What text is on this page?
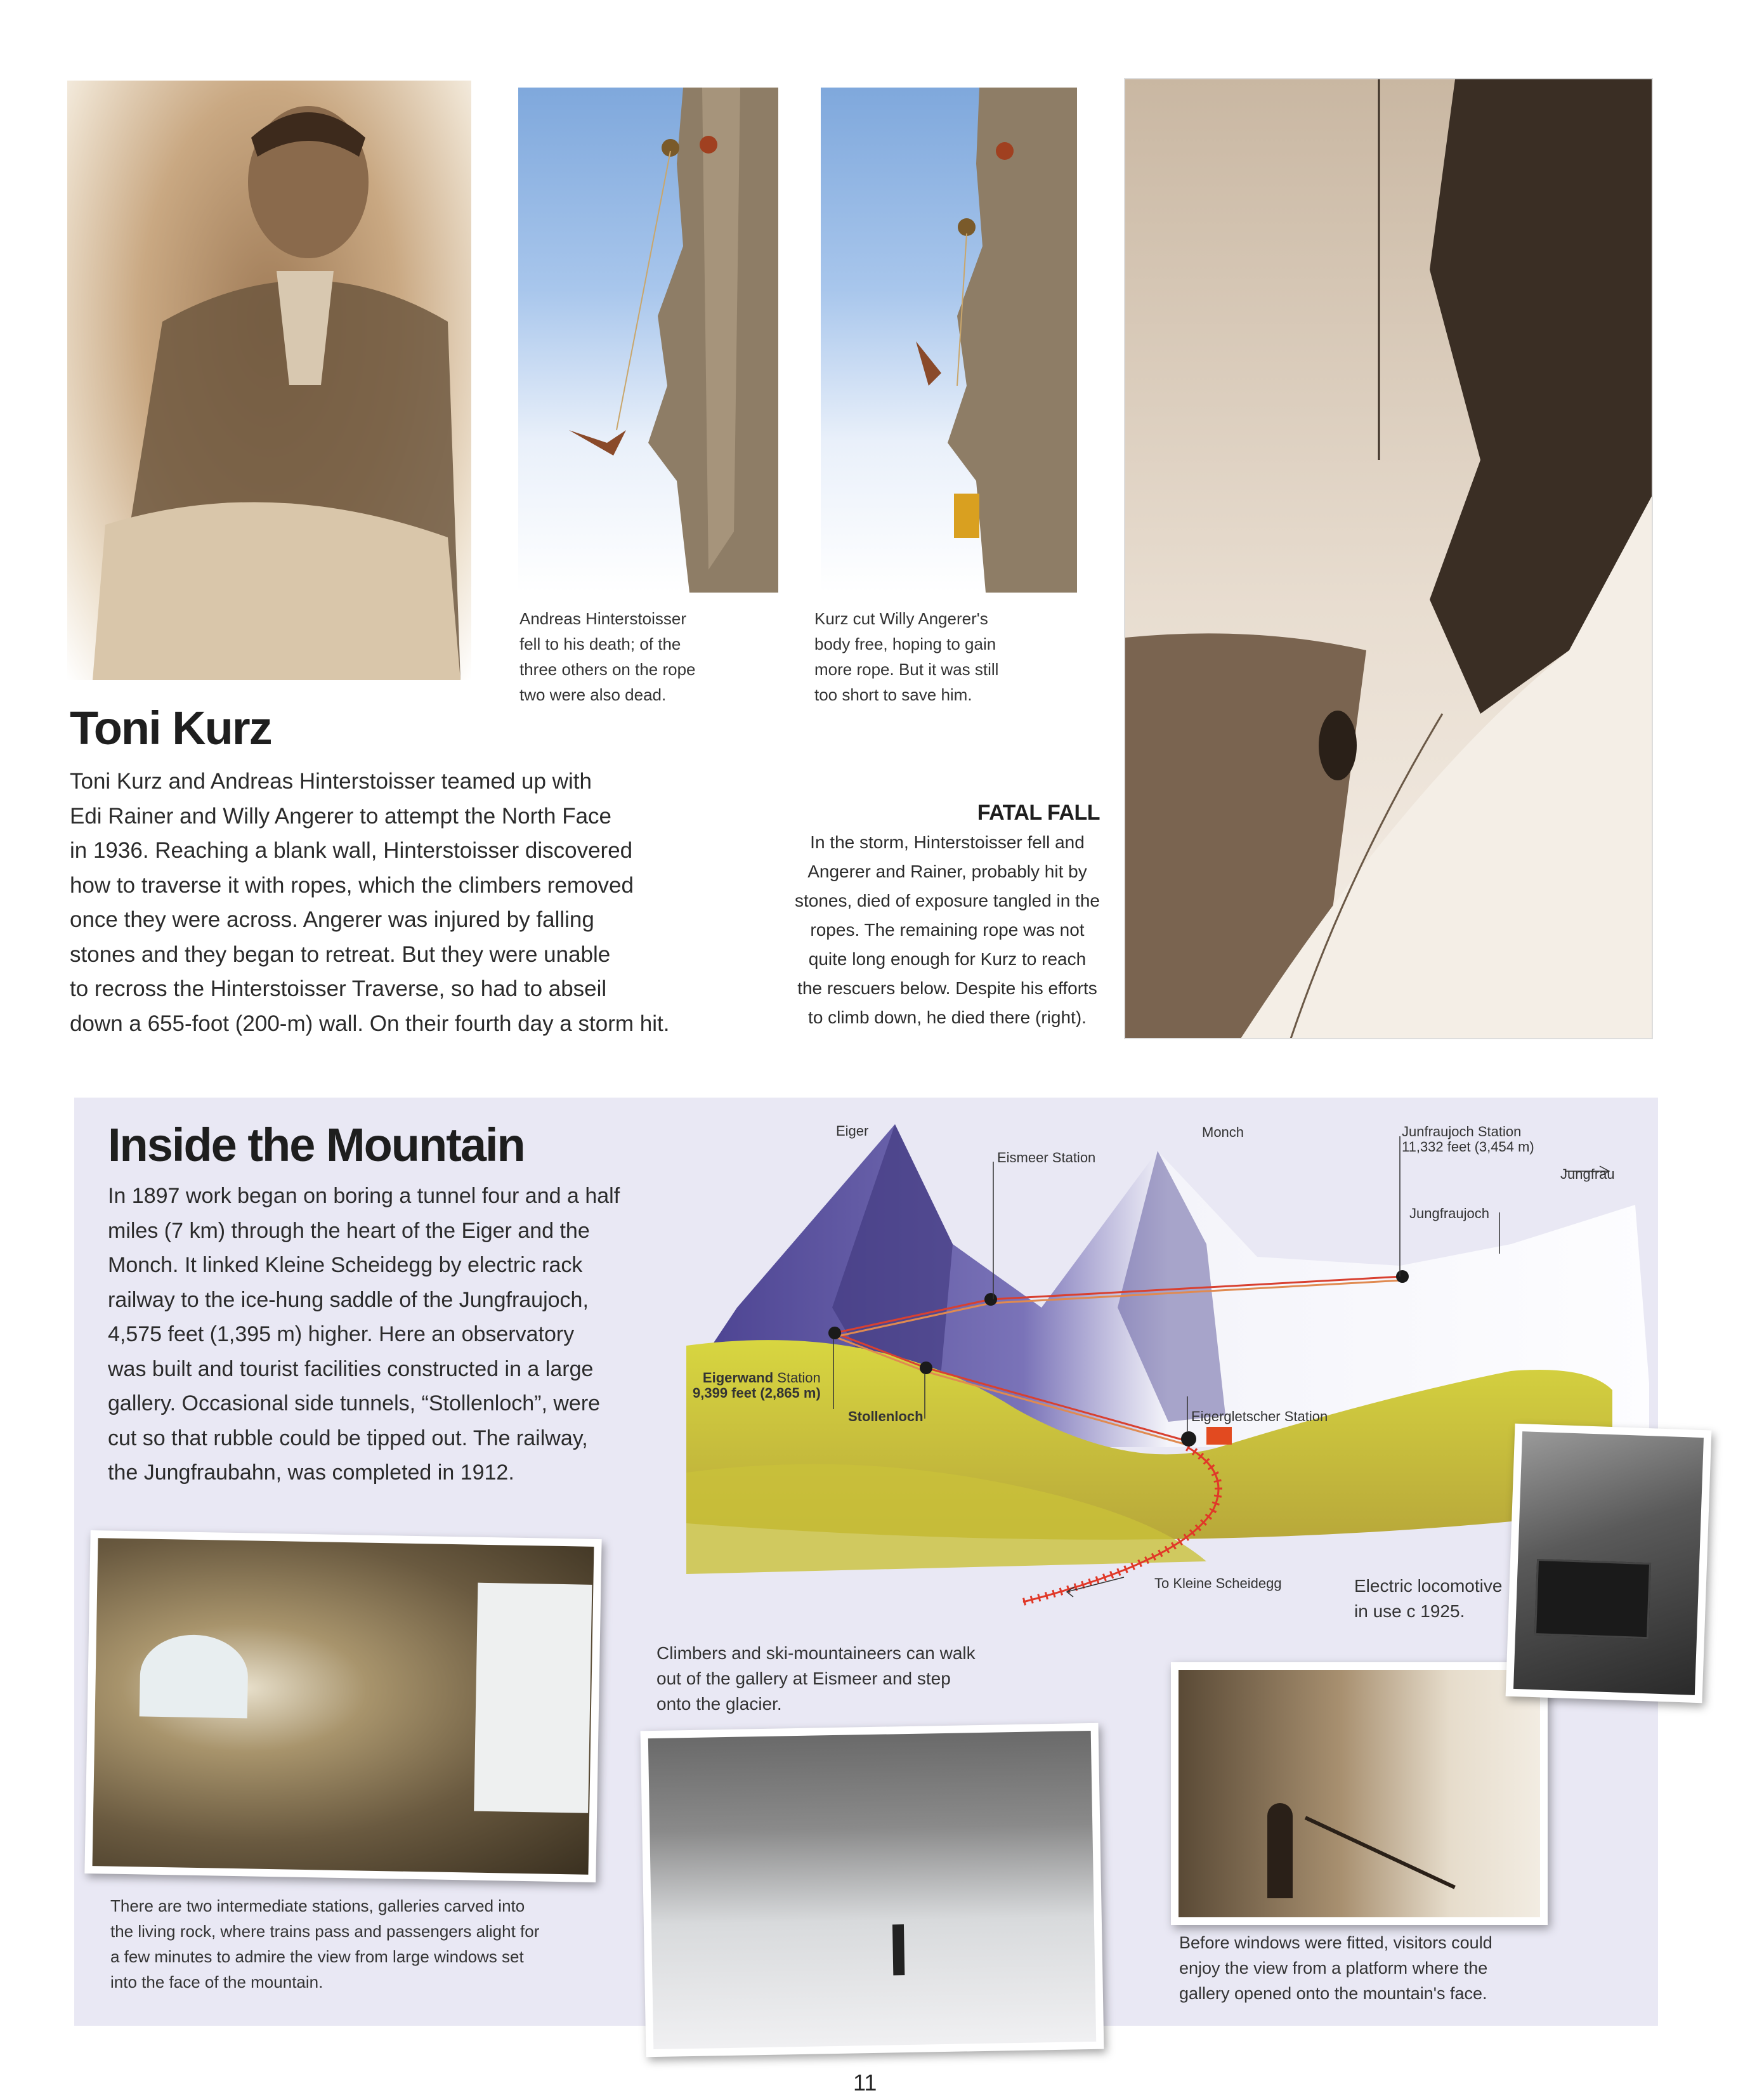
Andreas Hinterstoisser
fell to his death; of the
three others on the rope
two were also dead.
Kurz cut Willy Angerer's
body free, hoping to gain
more rope. But it was still
too short to save him.
Toni Kurz
Toni Kurz and Andreas Hinterstoisser teamed up with
Edi Rainer and Willy Angerer to attempt the North Face
in 1936. Reaching a blank wall, Hinterstoisser discovered
how to traverse it with ropes, which the climbers removed
once they were across. Angerer was injured by falling
stones and they began to retreat. But they were unable
to recross the Hinterstoisser Traverse, so had to abseil
down a 655-foot (200-m) wall. On their fourth day a storm hit.
FATAL FALL
In the storm, Hinterstoisser fell and
Angerer and Rainer, probably hit by
stones, died of exposure tangled in the
ropes. The remaining rope was not
quite long enough for Kurz to reach
the rescuers below. Despite his efforts
to climb down, he died there (right).
Inside the Mountain
In 1897 work began on boring a tunnel four and a half
miles (7 km) through the heart of the Eiger and the
Monch. It linked Kleine Scheidegg by electric rack
railway to the ice-hung saddle of the Jungfraujoch,
4,575 feet (1,395 m) higher. Here an observatory
was built and tourist facilities constructed in a large
gallery. Occasional side tunnels, “Stollenloch”, were
cut so that rubble could be tipped out. The railway,
the Jungfraubahn, was completed in 1912.
Eiger
Eismeer Station
Monch	Junfraujoch Station
11,332 feet (3,454 m)
Jungfrau
Jungfraujoch
Eigerwand Station
9,399 feet (2,865 m)
Stollenloch	Eigergletscher Station
To Kleine Scheidegg
There are two intermediate stations, galleries carved into
the living rock, where trains pass and passengers alight for
a few minutes to admire the view from large windows set
into the face of the mountain.
Climbers and ski-mountaineers can walk
out of the gallery at Eismeer and step
onto the glacier.
Before windows were fitted, visitors could
enjoy the view from a platform where the
gallery opened onto the mountain's face.
Electric locomotive
in use c 1925.
11
